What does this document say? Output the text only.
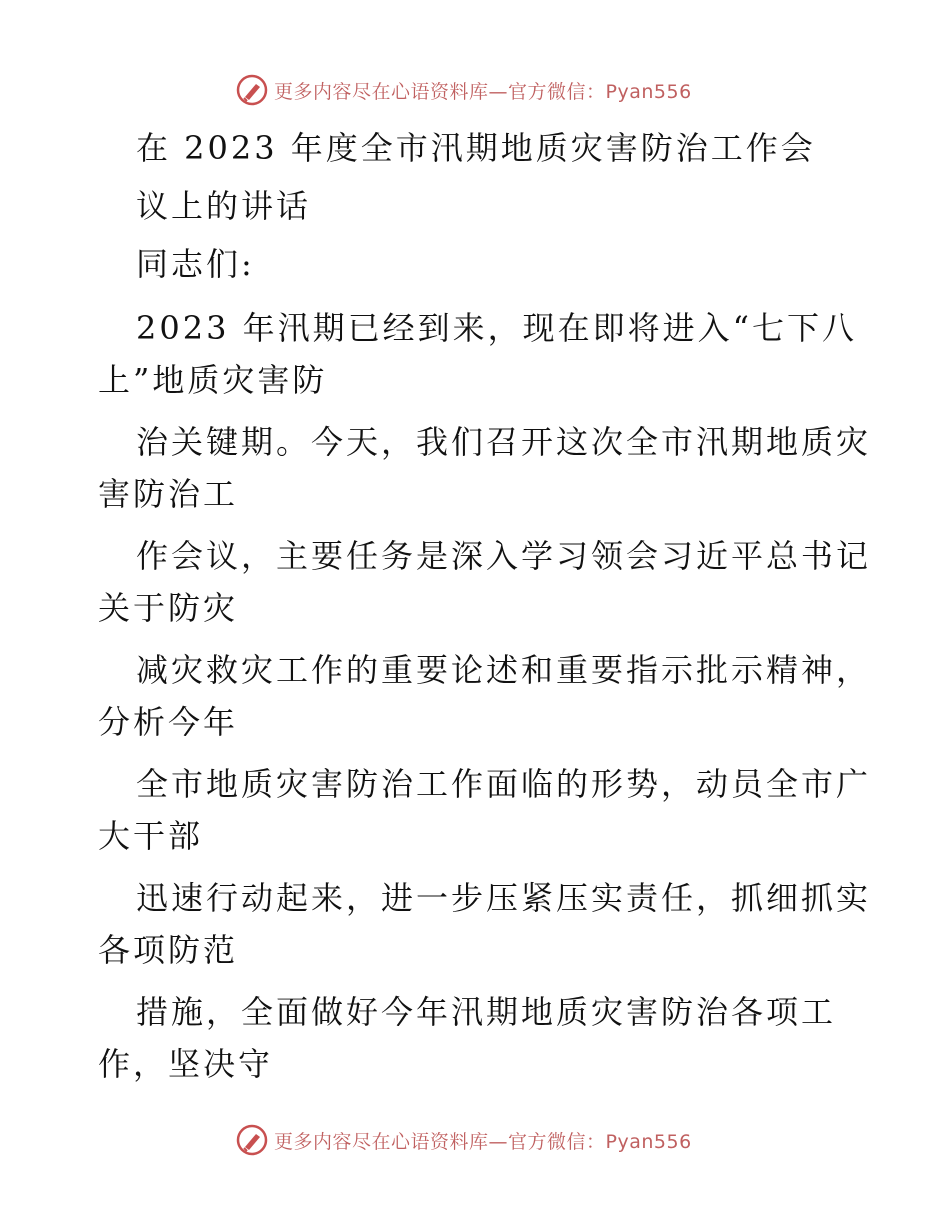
更多内容尽在心语资料库—官方微信：Pyan556
在 2023 年度全市汛期地质灾害防治工作会
议上的讲话
同志们:
2023 年汛期已经到来，现在即将进入“七下八
上”地质灾害防
治关键期。今天，我们召开这次全市汛期地质灾
害防治工
作会议，主要任务是深入学习领会习近平总书记
关于防灾
减灾救灾工作的重要论述和重要指示批示精神，
分析今年
全市地质灾害防治工作面临的形势，动员全市广
大干部
迅速行动起来，进一步压紧压实责任，抓细抓实
各项防范
措施，全面做好今年汛期地质灾害防治各项工
作，坚决守
更多内容尽在心语资料库—官方微信：Pyan556
